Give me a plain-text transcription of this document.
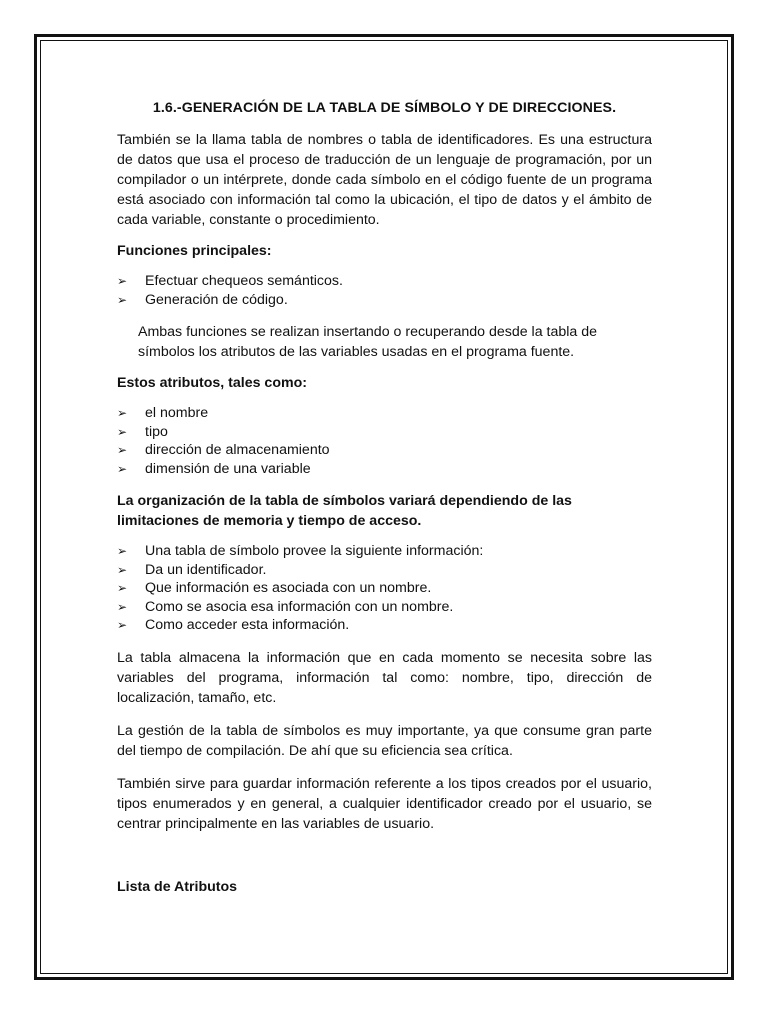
1.6.-GENERACIÓN DE LA TABLA DE SÍMBOLO Y DE DIRECCIONES.

También se la llama tabla de nombres o tabla de identificadores. Es una estructura de datos que usa el proceso de traducción de un lenguaje de programación, por un compilador o un intérprete, donde cada símbolo en el código fuente de un programa está asociado con información tal como la ubicación, el tipo de datos y el ámbito de cada variable, constante o procedimiento.

Funciones principales:

➢ Efectuar chequeos semánticos.
➢ Generación de código.

Ambas funciones se realizan insertando o recuperando desde la tabla de símbolos los atributos de las variables usadas en el programa fuente.

Estos atributos, tales como:

➢ el nombre
➢ tipo
➢ dirección de almacenamiento
➢ dimensión de una variable

La organización de la tabla de símbolos variará dependiendo de las limitaciones de memoria y tiempo de acceso.

➢ Una tabla de símbolo provee la siguiente información:
➢ Da un identificador.
➢ Que información es asociada con un nombre.
➢ Como se asocia esa información con un nombre.
➢ Como acceder esta información.

La tabla almacena la información que en cada momento se necesita sobre las variables del programa, información tal como: nombre, tipo, dirección de localización, tamaño, etc.

La gestión de la tabla de símbolos es muy importante, ya que consume gran parte del tiempo de compilación. De ahí que su eficiencia sea crítica.

También sirve para guardar información referente a los tipos creados por el usuario, tipos enumerados y en general, a cualquier identificador creado por el usuario, se centrar principalmente en las variables de usuario.

Lista de Atributos
